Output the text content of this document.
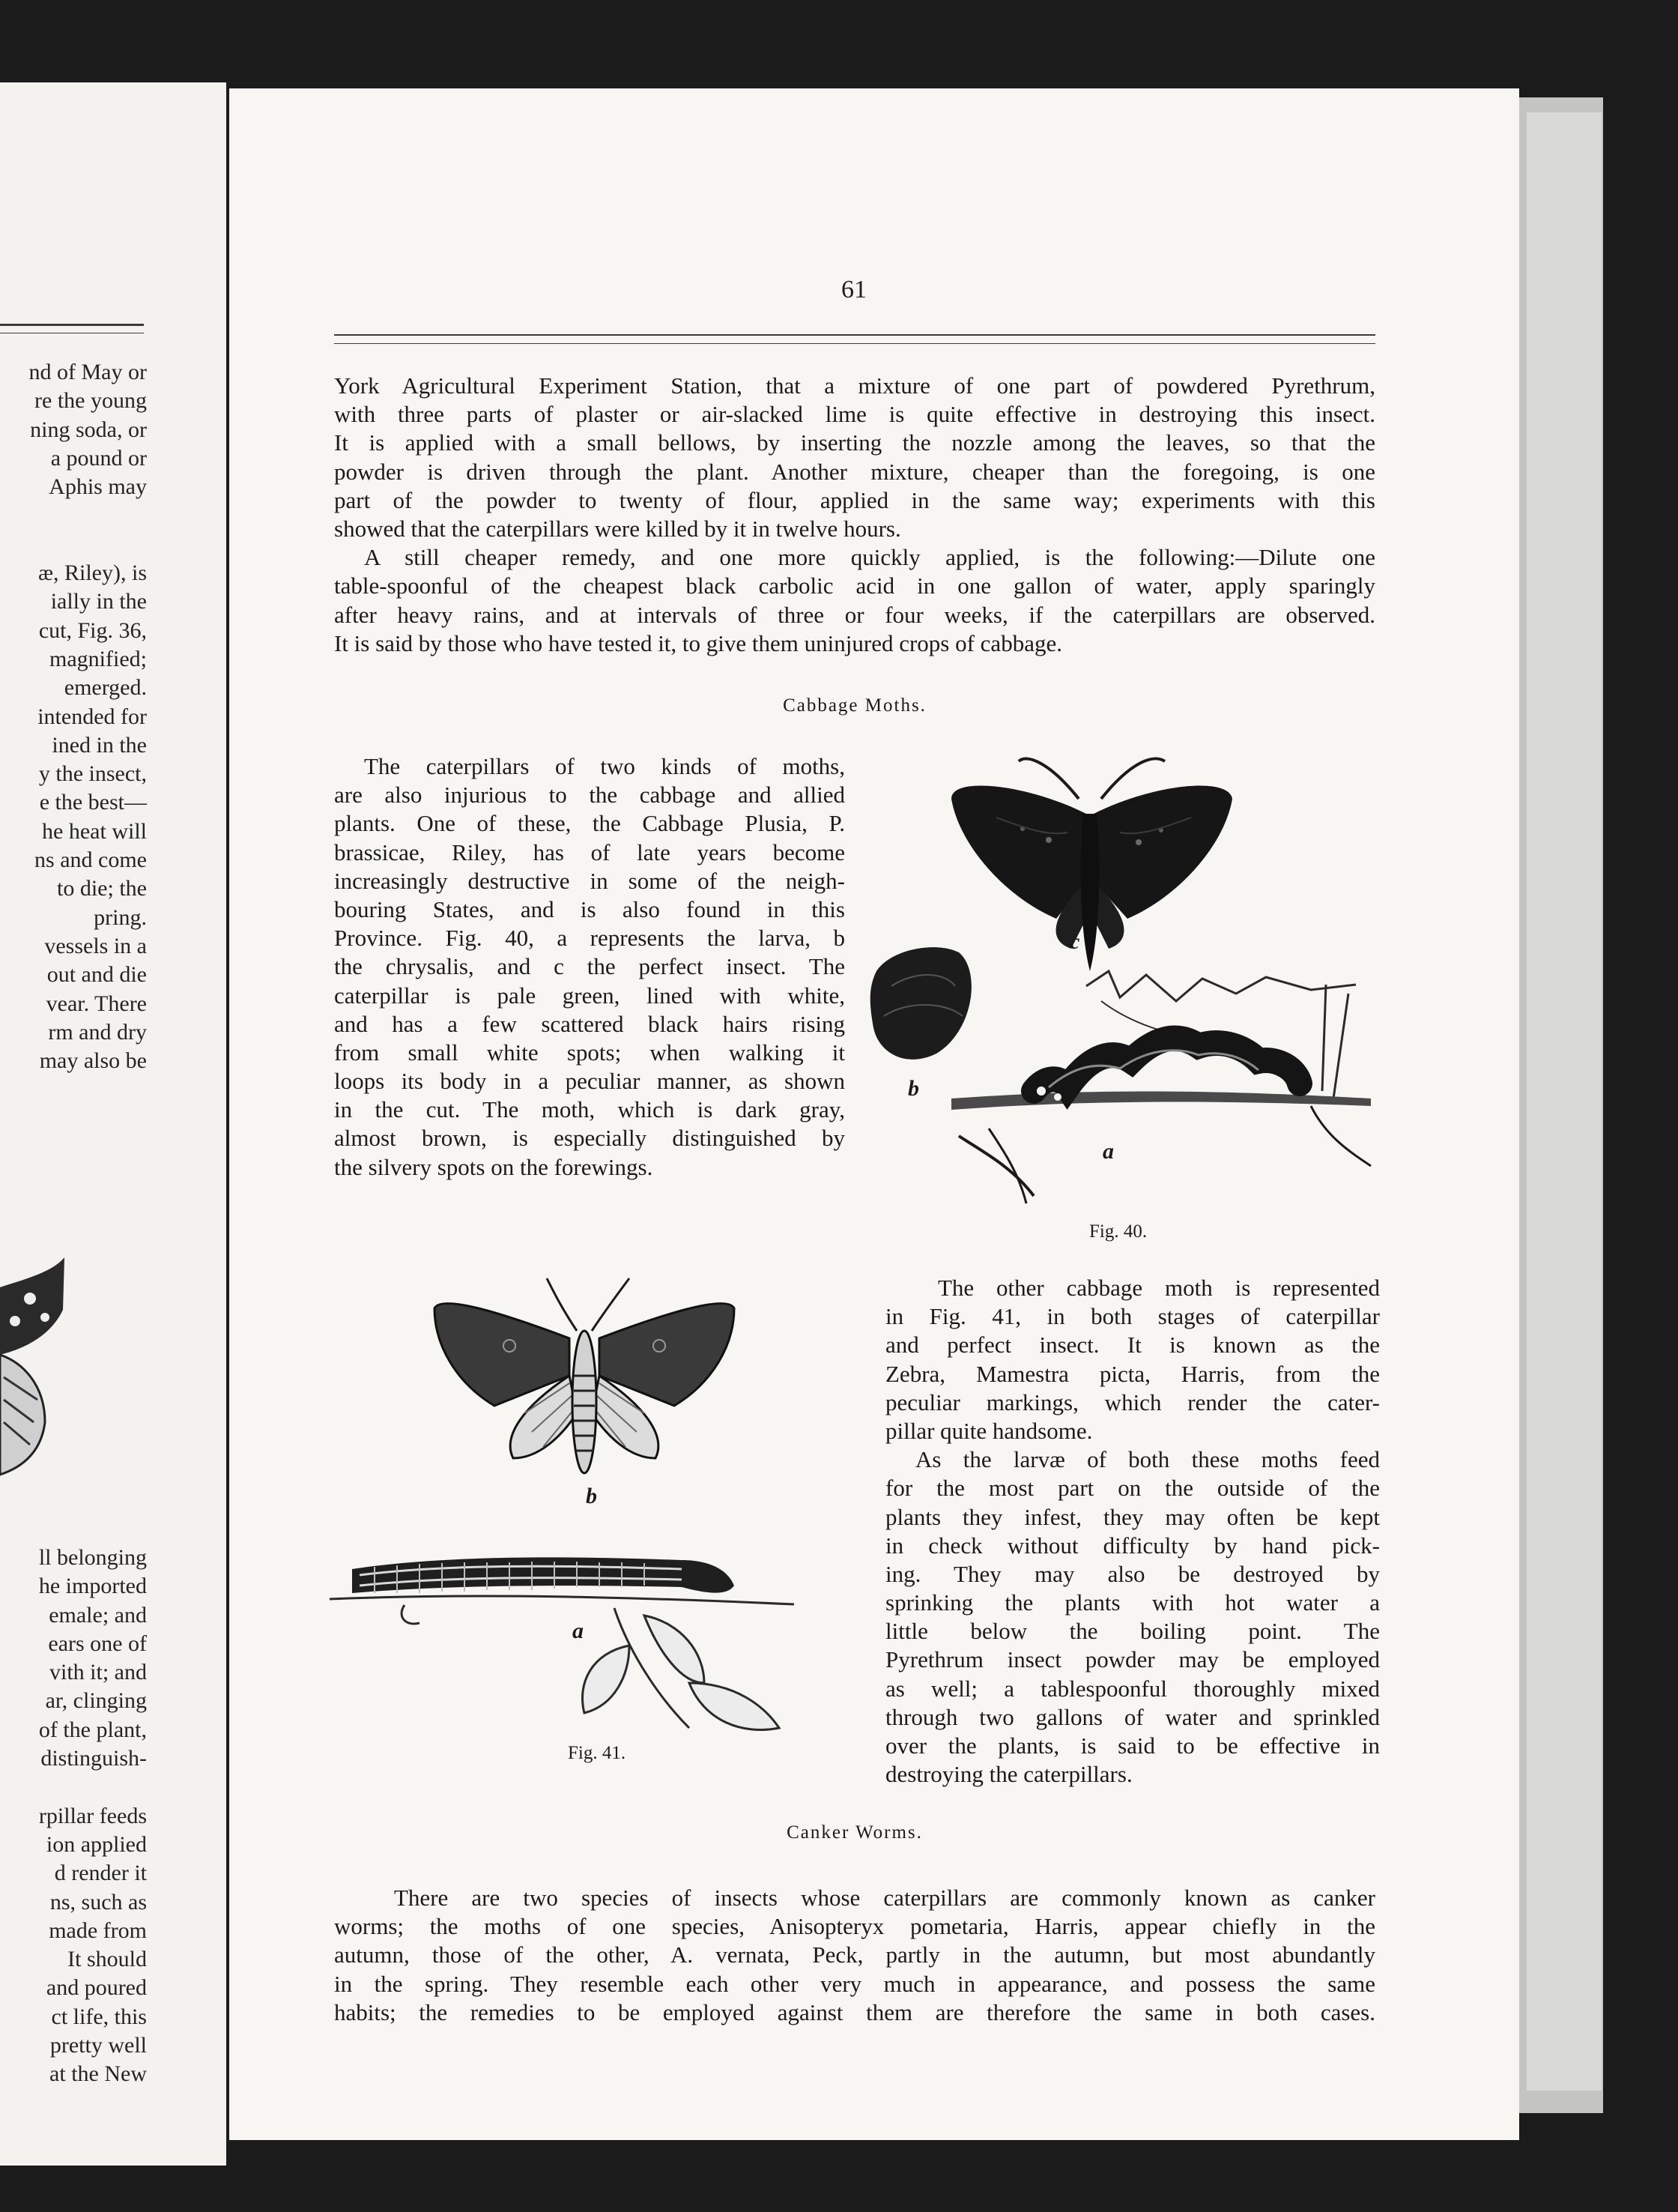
nd of May or
re the young
ning soda, or
a pound or
Aphis may
æ, Riley), is
ially in the
cut, Fig. 36,
magnified;
emerged.
intended for
ined in the
y the insect,
e the best—
he heat will
ns and come
to die; the
pring.
vessels in a
out and die
vear. There
rm and dry
may also be
ll belonging
he imported
emale; and
ears one of
vith it; and
ar, clinging
of the plant,
distinguish-
rpillar feeds
ion applied
d render it
ns, such as
made from
It should
and poured
ct life, this
pretty well
at the New
61
York Agricultural Experiment Station, that a mixture of one part of powdered Pyrethrum,
with three parts of plaster or air-slacked lime is quite effective in destroying this insect.
It is applied with a small bellows, by inserting the nozzle among the leaves, so that the
powder is driven through the plant. Another mixture, cheaper than the foregoing, is one
part of the powder to twenty of flour, applied in the same way; experiments with this
showed that the caterpillars were killed by it in twelve hours.
A still cheaper remedy, and one more quickly applied, is the following:—Dilute one
table-spoonful of the cheapest black carbolic acid in one gallon of water, apply sparingly
after heavy rains, and at intervals of three or four weeks, if the caterpillars are observed.
It is said by those who have tested it, to give them uninjured crops of cabbage.
Cabbage Moths.
The caterpillars of two kinds of moths,
are also injurious to the cabbage and allied
plants. One of these, the Cabbage Plusia, P.
brassicae, Riley, has of late years become
increasingly destructive in some of the neigh-
bouring States, and is also found in this
Province. Fig. 40, a represents the larva, b
the chrysalis, and c the perfect insect. The
caterpillar is pale green, lined with white,
and has a few scattered black hairs rising
from small white spots; when walking it
loops its body in a peculiar manner, as shown
in the cut. The moth, which is dark gray,
almost brown, is especially distinguished by
the silvery spots on the forewings.
c
b
a
Fig. 40.
b
a
Fig. 41.
The other cabbage moth is represented
in Fig. 41, in both stages of caterpillar
and perfect insect. It is known as the
Zebra, Mamestra picta, Harris, from the
peculiar markings, which render the cater-
pillar quite handsome.
As the larvæ of both these moths feed
for the most part on the outside of the
plants they infest, they may often be kept
in check without difficulty by hand pick-
ing. They may also be destroyed by
sprinking the plants with hot water a
little below the boiling point. The
Pyrethrum insect powder may be employed
as well; a tablespoonful thoroughly mixed
through two gallons of water and sprinkled
over the plants, is said to be effective in
destroying the caterpillars.
Canker Worms.
There are two species of insects whose caterpillars are commonly known as canker
worms; the moths of one species, Anisopteryx pometaria, Harris, appear chiefly in the
autumn, those of the other, A. vernata, Peck, partly in the autumn, but most abundantly
in the spring. They resemble each other very much in appearance, and possess the same
habits; the remedies to be employed against them are therefore the same in both cases.
